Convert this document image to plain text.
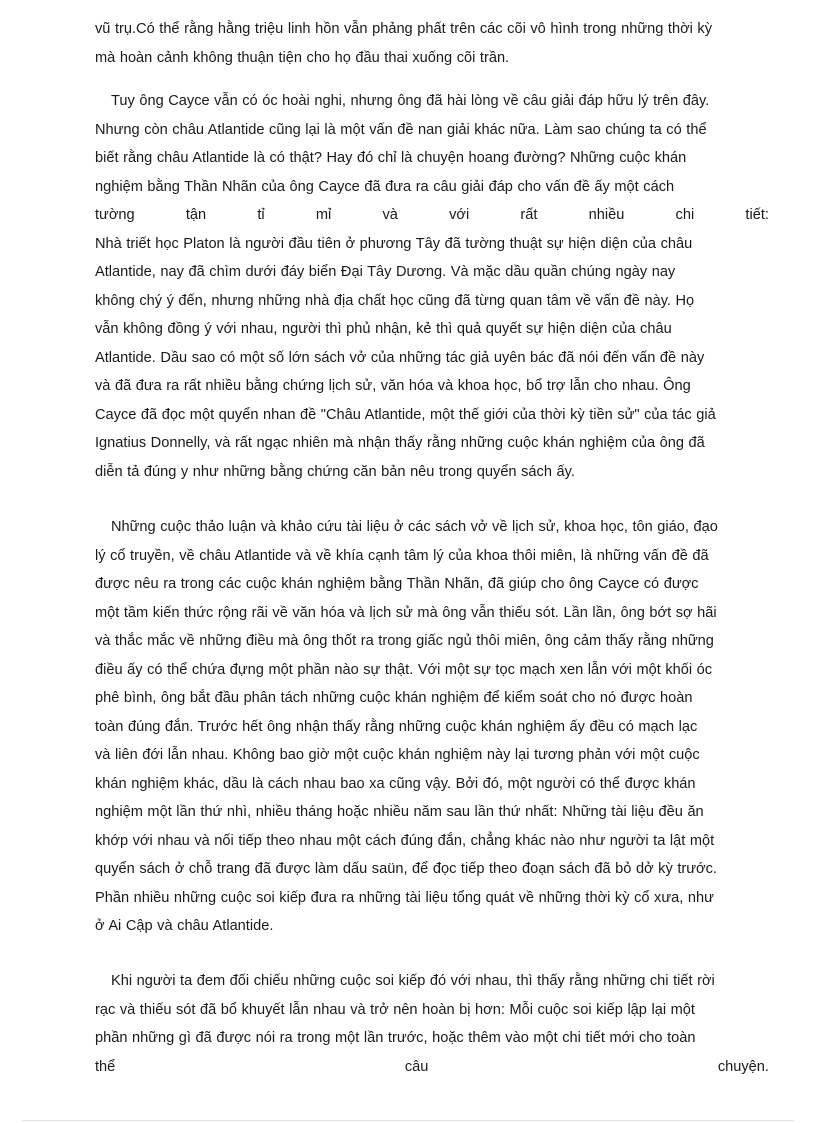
vũ trụ.Có thể rằng hằng triệu linh hồn vẫn phảng phất trên các cõi vô hình trong những thời kỳ
mà hoàn cảnh không thuận tiện cho họ đầu thai xuống cõi trần.
Tuy ông Cayce vẫn có óc hoài nghi, nhưng ông đã hài lòng về câu giải đáp hữu lý trên đây.
Nhưng còn châu Atlantide cũng lại là một vấn đề nan giải khác nữa. Làm sao chúng ta có thể
biết rằng châu Atlantide là có thật? Hay đó chỉ là chuyện hoang đường? Những cuộc khán
nghiệm bằng Thần Nhãn của ông Cayce đã đưa ra câu giải đáp cho vấn đề ấy một cách
tường	tận	tỉ	mỉ	và	với	rất	nhiều	chi	tiết:
Nhà triết học Platon là người đầu tiên ở phương Tây đã tường thuật sự hiện diện của châu
Atlantide, nay đã chìm dưới đáy biển Đại Tây Dương. Và mặc dầu quần chúng ngày nay
không chý ý đến, nhưng những nhà địa chất học cũng đã từng quan tâm về vấn đề này. Họ
vẫn không đồng ý với nhau, người thì phủ nhận, kẻ thì quả quyết sự hiện diện của châu
Atlantide. Dầu sao có một số lớn sách vở của những tác giả uyên bác đã nói đến vấn đề này
và đã đưa ra rất nhiều bằng chứng lịch sử, văn hóa và khoa học, bổ trợ lẫn cho nhau. Ông
Cayce đã đọc một quyển nhan đề "Châu Atlantide, một thế giới của thời kỳ tiền sử" của tác giả
Ignatius Donnelly, và rất ngạc nhiên mà nhận thấy rằng những cuộc khán nghiệm của ông đã
diễn tả đúng y như những bằng chứng căn bản nêu trong quyển sách ấy.
Những cuộc thảo luận và khảo cứu tài liệu ở các sách vở về lịch sử, khoa học, tôn giáo, đạo
lý cổ truyền, về châu Atlantide và về khía cạnh tâm lý của khoa thôi miên, là những vấn đề đã
được nêu ra trong các cuộc khán nghiệm bằng Thần Nhãn, đã giúp cho ông Cayce có được
một tầm kiến thức rộng rãi về văn hóa và lịch sử mà ông vẫn thiếu sót. Lần lần, ông bớt sợ hãi
và thắc mắc về những điều mà ông thốt ra trong giấc ngủ thôi miên, ông cảm thấy rằng những
điều ấy có thể chứa đựng một phần nào sự thật. Với một sự tọc mạch xen lẫn với một khối óc
phê bình, ông bắt đầu phân tách những cuộc khán nghiệm để kiểm soát cho nó được hoàn
toàn đúng đắn. Trước hết ông nhận thấy rằng những cuộc khán nghiệm ấy đều có mạch lạc
và liên đới lẫn nhau. Không bao giờ một cuộc khán nghiệm này lại tương phản với một cuộc
khán nghiệm khác, dầu là cách nhau bao xa cũng vậy. Bởi đó, một người có thể được khán
nghiệm một lần thứ nhì, nhiều tháng hoặc nhiều năm sau lần thứ nhất: Những tài liệu đều ăn
khớp với nhau và nối tiếp theo nhau một cách đúng đắn, chẳng khác nào như người ta lật một
quyển sách ở chỗ trang đã được làm dấu saün, để đọc tiếp theo đoạn sách đã bỏ dở kỳ trước.
Phần nhiều những cuộc soi kiếp đưa ra những tài liệu tổng quát về những thời kỳ cổ xưa, như
ở Ai Cập và châu Atlantide.
Khi người ta đem đối chiếu những cuộc soi kiếp đó với nhau, thì thấy rằng những chi tiết rời
rạc và thiếu sót đã bổ khuyết lẫn nhau và trở nên hoàn bị hơn: Mỗi cuộc soi kiếp lập lại một
phần những gì đã được nói ra trong một lần trước, hoặc thêm vào một chi tiết mới cho toàn
thể	câu	chuyện.
